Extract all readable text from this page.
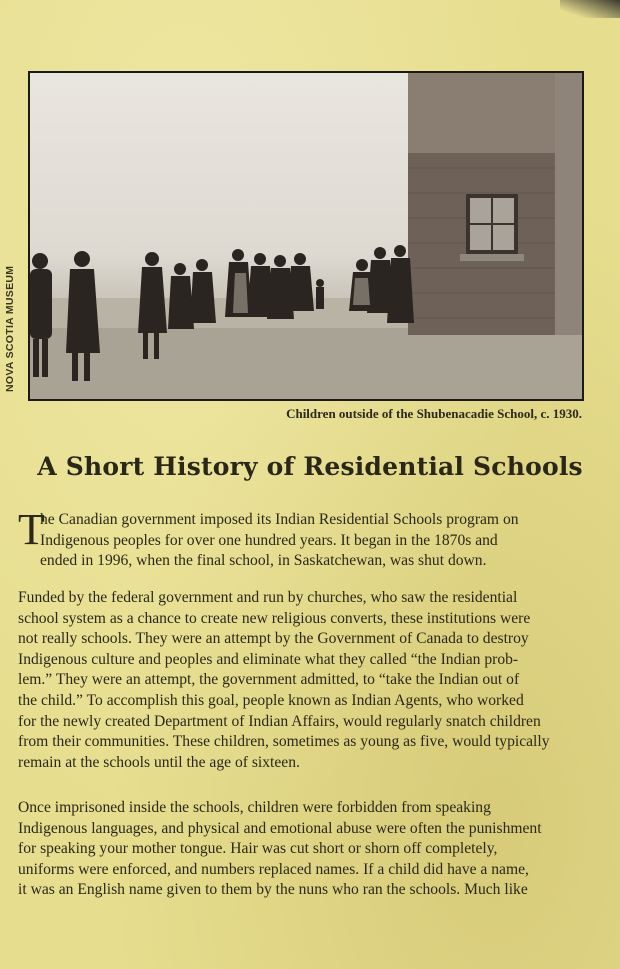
NOVA SCOTIA MUSEUM
Children outside of the Shubenacadie School, c. 1930.
A Short History of Residential Schools
T
he Canadian government imposed its Indian Residential Schools program on
Indigenous peoples for over one hundred years. It began in the 1870s and
ended in 1996, when the final school, in Saskatchewan, was shut down.
Funded by the federal government and run by churches, who saw the residential
school system as a chance to create new religious converts, these institutions were
not really schools. They were an attempt by the Government of Canada to destroy
Indigenous culture and peoples and eliminate what they called “the Indian prob-
lem.” They were an attempt, the government admitted, to “take the Indian out of
the child.” To accomplish this goal, people known as Indian Agents, who worked
for the newly created Department of Indian Affairs, would regularly snatch children
from their communities. These children, sometimes as young as five, would typically
remain at the schools until the age of sixteen.
Once imprisoned inside the schools, children were forbidden from speaking
Indigenous languages, and physical and emotional abuse were often the punishment
for speaking your mother tongue. Hair was cut short or shorn off completely,
uniforms were enforced, and numbers replaced names. If a child did have a name,
it was an English name given to them by the nuns who ran the schools. Much like
